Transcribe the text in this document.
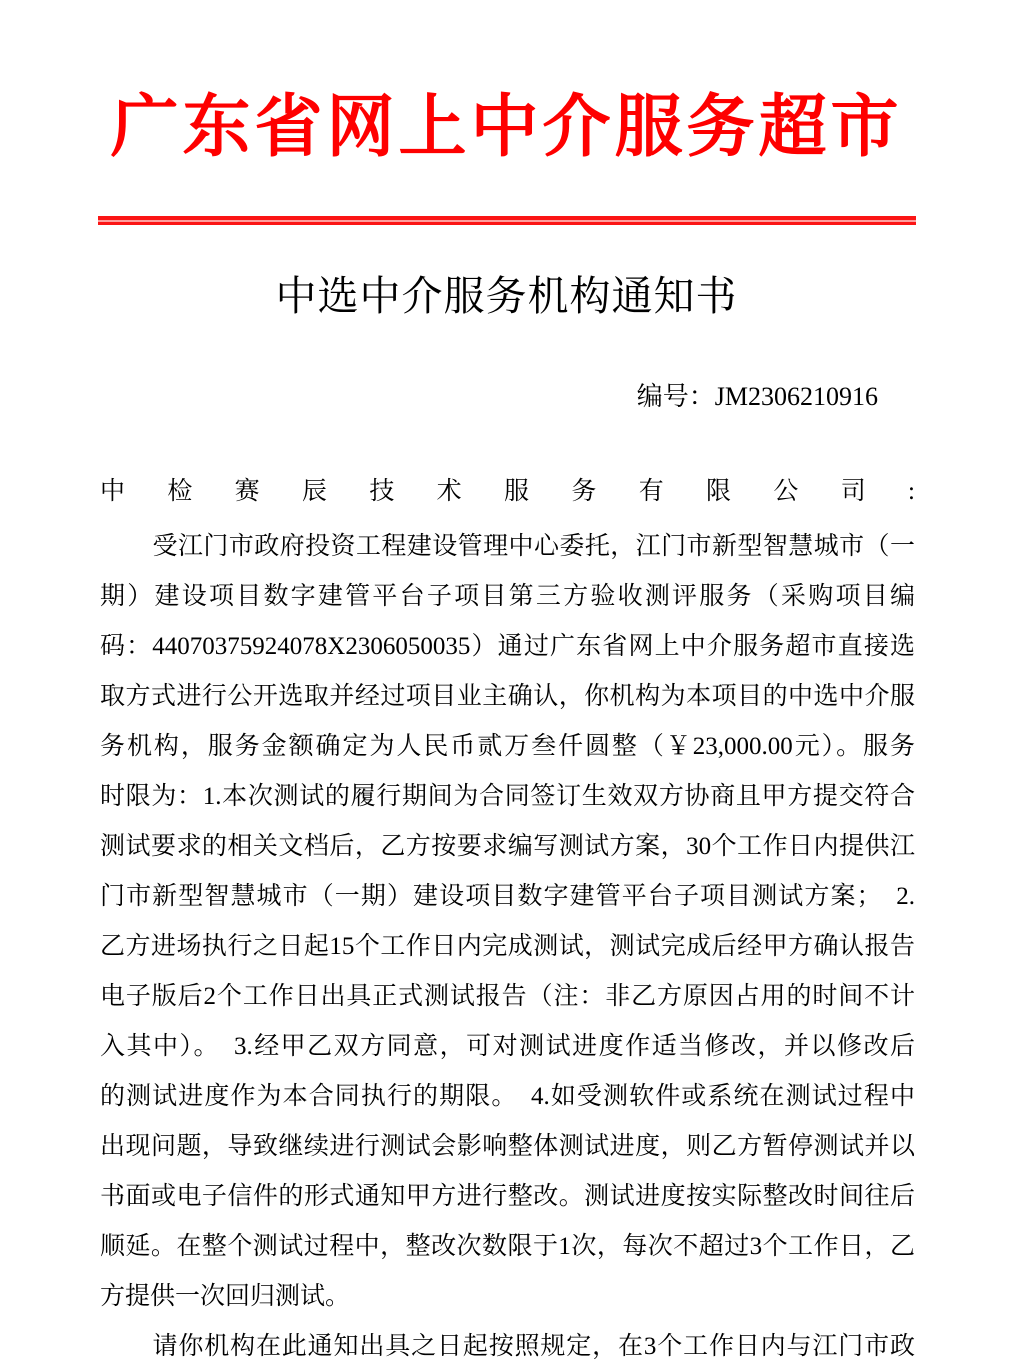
广东省网上中介服务超市
中选中介服务机构通知书
编号：JM2306210916
中检赛辰技术服务有限公司:
受江门市政府投资工程建设管理中心委托，江门市新型智慧城市（一
期）建设项目数字建管平台子项目第三方验收测评服务（采购项目编
码：44070375924078X2306050035）通过广东省网上中介服务超市直接选
取方式进行公开选取并经过项目业主确认，你机构为本项目的中选中介服
务机构，服务金额确定为人民币贰万叁仟圆整（￥23,000.00元）。服务
时限为：1.本次测试的履行期间为合同签订生效双方协商且甲方提交符合
测试要求的相关文档后，乙方按要求编写测试方案，30个工作日内提供江
门市新型智慧城市（一期）建设项目数字建管平台子项目测试方案；　2.
乙方进场执行之日起15个工作日内完成测试，测试完成后经甲方确认报告
电子版后2个工作日出具正式测试报告（注：非乙方原因占用的时间不计
入其中）。　3.经甲乙双方同意，可对测试进度作适当修改，并以修改后
的测试进度作为本合同执行的期限。　4.如受测软件或系统在测试过程中
出现问题，导致继续进行测试会影响整体测试进度，则乙方暂停测试并以
书面或电子信件的形式通知甲方进行整改。测试进度按实际整改时间往后
顺延。在整个测试过程中，整改次数限于1次，每次不超过3个工作日，乙
方提供一次回归测试。
请你机构在此通知出具之日起按照规定，在3个工作日内与江门市政
